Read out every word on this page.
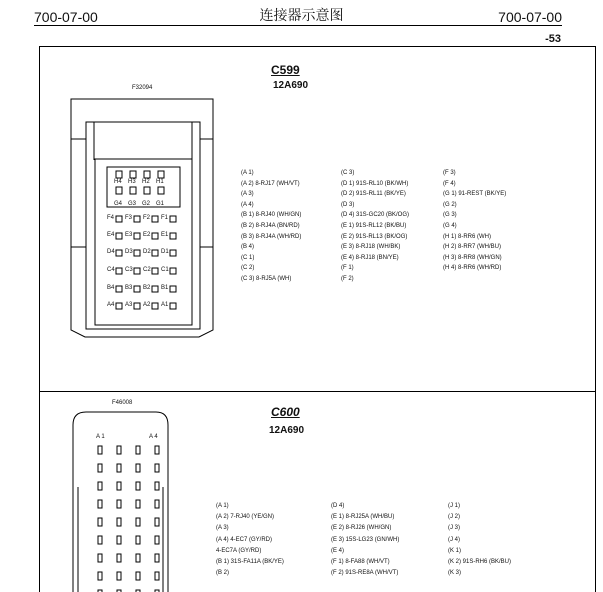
700-07-00	连接器示意图	700-07-00
-53
C599
12A690
F32094
H4
G4
H3
G3
H2
G2
H1
G1
F4 F3 F2 F1
E4 E3 E2 E1
D4 D3 D2 D1
C4 C3 C2 C1
B4 B3 B2 B1
A4 A3 A2 A1
(A 1)
(A 2) 8-RJ17 (WH/VT)
(A 3)
(A 4)
(B 1) 8-RJ40 (WH/GN)
(B 2) 8-RJ4A (BN/RD)
(B 3) 8-RJ4A (WH/RD)
(B 4)
(C 1)
(C 2)
(C 3) 8-RJ5A (WH)
(C 3)
(D 1) 91S-RL10 (BK/WH)
(D 2) 91S-RL11 (BK/YE)
(D 3)
(D 4) 31S-GC20 (BK/OG)
(E 1) 91S-RL12 (BK/BU)
(E 2) 91S-RL13 (BK/OG)
(E 3) 8-RJ18 (WH/BK)
(E 4) 8-RJ18 (BN/YE)
(F 1)
(F 2)
(F 3)
(F 4)
(G 1) 91-REST (BK/YE)
(G 2)
(G 3)
(G 4)
(H 1) 8-RR6 (WH)
(H 2) 8-RR7 (WH/BU)
(H 3) 8-RR8 (WH/GN)
(H 4) 8-RR6 (WH/RD)
C600
12A690
F46008
A 1	A 4
(A 1)
(A 2) 7-RJ40 (YE/GN)
(A 3)
(A 4) 4-EC7 (GY/RD)
4-EC7A (GY/RD)
(B 1) 31S-FA11A (BK/YE)
(B 2)
(D 4)
(E 1) 8-RJ25A (WH/BU)
(E 2) 8-RJ26 (WH/GN)
(E 3) 15S-LG23 (GN/WH)
(E 4)
(F 1) 8-FA88 (WH/VT)
(F 2) 91S-RE8A (WH/VT)
(J 1)
(J 2)
(J 3)
(J 4)
(K 1)
(K 2) 91S-RH6 (BK/BU)
(K 3)
